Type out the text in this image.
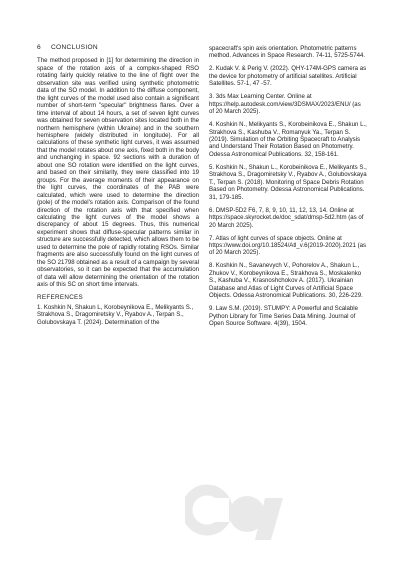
6 CONCLUSION
The method proposed in [1] for determining the direction in space of the rotation axis of a complex-shaped RSO rotating fairly quickly relative to the line of flight over the observation site was verified using synthetic photometric data of the SO model. In addition to the diffuse component, the light curves of the model used also contain a significant number of short-term "specular" brightness flares. Over a time interval of about 14 hours, a set of seven light curves was obtained for seven observation sites located both in the northern hemisphere (within Ukraine) and in the southern hemisphere (widely distributed in longitude). For all calculations of these synthetic light curves, it was assumed that the model rotates about one axis, fixed both in the body and unchanging in space. 92 sections with a duration of about one SO rotation were identified on the light curves, and based on their similarity, they were classified into 19 groups. For the average moments of their appearance on the light curves, the coordinates of the PAB were calculated, which were used to determine the direction (pole) of the model's rotation axis. Comparison of the found direction of the rotation axis with that specified when calculating the light curves of the model shows a discrepancy of about 15 degrees. Thus, this numerical experiment shows that diffuse-specular patterns similar in structure are successfully detected, which allows them to be used to determine the pole of rapidly rotating RSOs. Similar fragments are also successfully found on the light curves of the SO 21798 obtained as a result of a campaign by several observatories, so it can be expected that the accumulation of data will allow determining the orientation of the rotation axis of this SC on short time intervals.
REFERENCES
1. Koshkin N, Shakun L, Korobeynikova E., Melikyants S., Strakhova S., Dragomiretsky V., Ryabov A., Terpan S., Golubovskaya T. (2024). Determination of the
spacecraft's spin axis orientation. Photometric patterns method. Advances in Space Research. 74-11, 5725-5744.
2. Kudak V. & Perig V. (2022). QHY-174M-GPS camera as the device for photometry of artificial satellites. Artificial Satellites. 57-1, 47 -57.
3. 3ds Max Learning Center. Online at https://help.autodesk.com/view/3DSMAX/2023/ENU/ (as of 20 March 2025).
4. Koshkin N., Melikyants S., Korobeinikova E., Shakun L., Strakhova S., Kashuba V., Romanyuk Ya., Terpan S. (2019). Simulation of the Orbiting Spacecraft to Analysis and Understand Their Rotation Based on Photometry. Odessa Astronomical Publications. 32, 158-161.
5. Koshkin N., Shakun L., Korobeinikova E., Melikyants S., Strakhova S., Dragomiretsky V., Ryabov A., Golubovskaya T., Terpan S. (2018). Monitoring of Space Debris Rotation Based on Photometry. Odessa Astronomical Publications. 31, 179-185.
6. DMSP-5D2 F6, 7, 8, 9, 10, 11, 12, 13, 14. Online at https://space.skyrocket.de/doc_sdat/dmsp-5d2.htm (as of 20 March 2025).
7. Atlas of light curves of space objects. Online at https://www.doi.org/10.18524/Atl_v.6(2019-2020).2021 (as of 20 March 2025).
8. Koshkin N., Savanevych V., Pohorelov A., Shakun L., Zhukov V., Korobeynikova E., Strakhova S., Moskalenko S., Kashuba V., Krasnoshchokov A. (2017). Ukrainian Database and Atlas of Light Curves of Artificial Space Objects. Odessa Astronomical Publications. 30, 226-229.
9. Law S.M. (2019). STUMPY: A Powerful and Scalable Python Library for Time Series Data Mining. Journal of Open Source Software. 4(39), 1504.
